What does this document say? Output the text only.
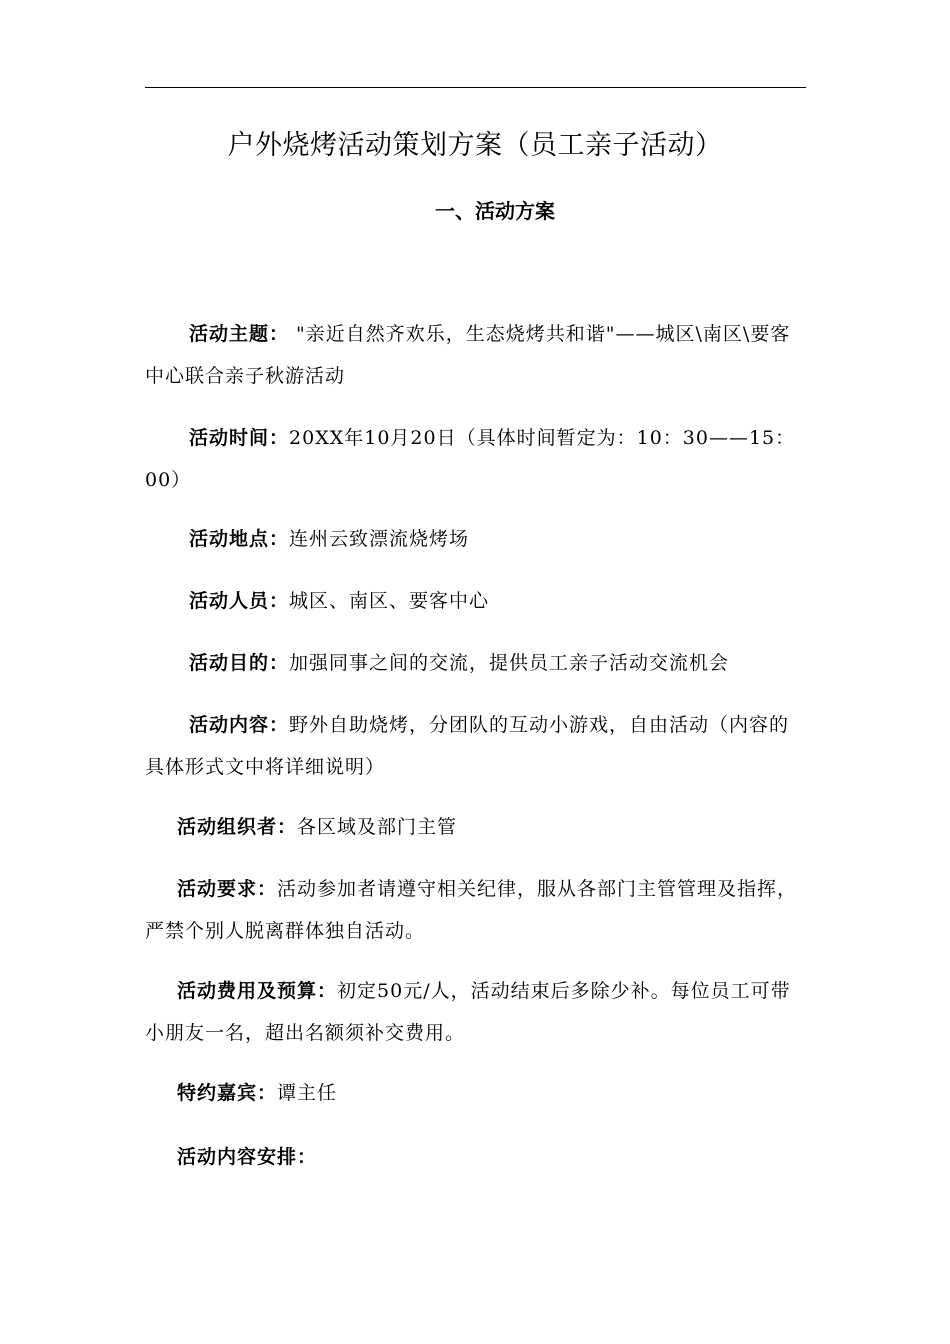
户外烧烤活动策划方案（员工亲子活动）
一、活动方案

活动主题： "亲近自然齐欢乐，生态烧烤共和谐"——城区\南区\要客中心联合亲子秋游活动

活动时间：20XX年10月20日（具体时间暂定为：10：30——15：00）

活动地点：连州云致漂流烧烤场

活动人员：城区、南区、要客中心

活动目的：加强同事之间的交流，提供员工亲子活动交流机会

活动内容：野外自助烧烤，分团队的互动小游戏，自由活动（内容的具体形式文中将详细说明）

活动组织者：各区域及部门主管

活动要求：活动参加者请遵守相关纪律，服从各部门主管管理及指挥，严禁个别人脱离群体独自活动。

活动费用及预算：初定50元/人，活动结束后多除少补。每位员工可带小朋友一名，超出名额须补交费用。

特约嘉宾：谭主任

活动内容安排：
